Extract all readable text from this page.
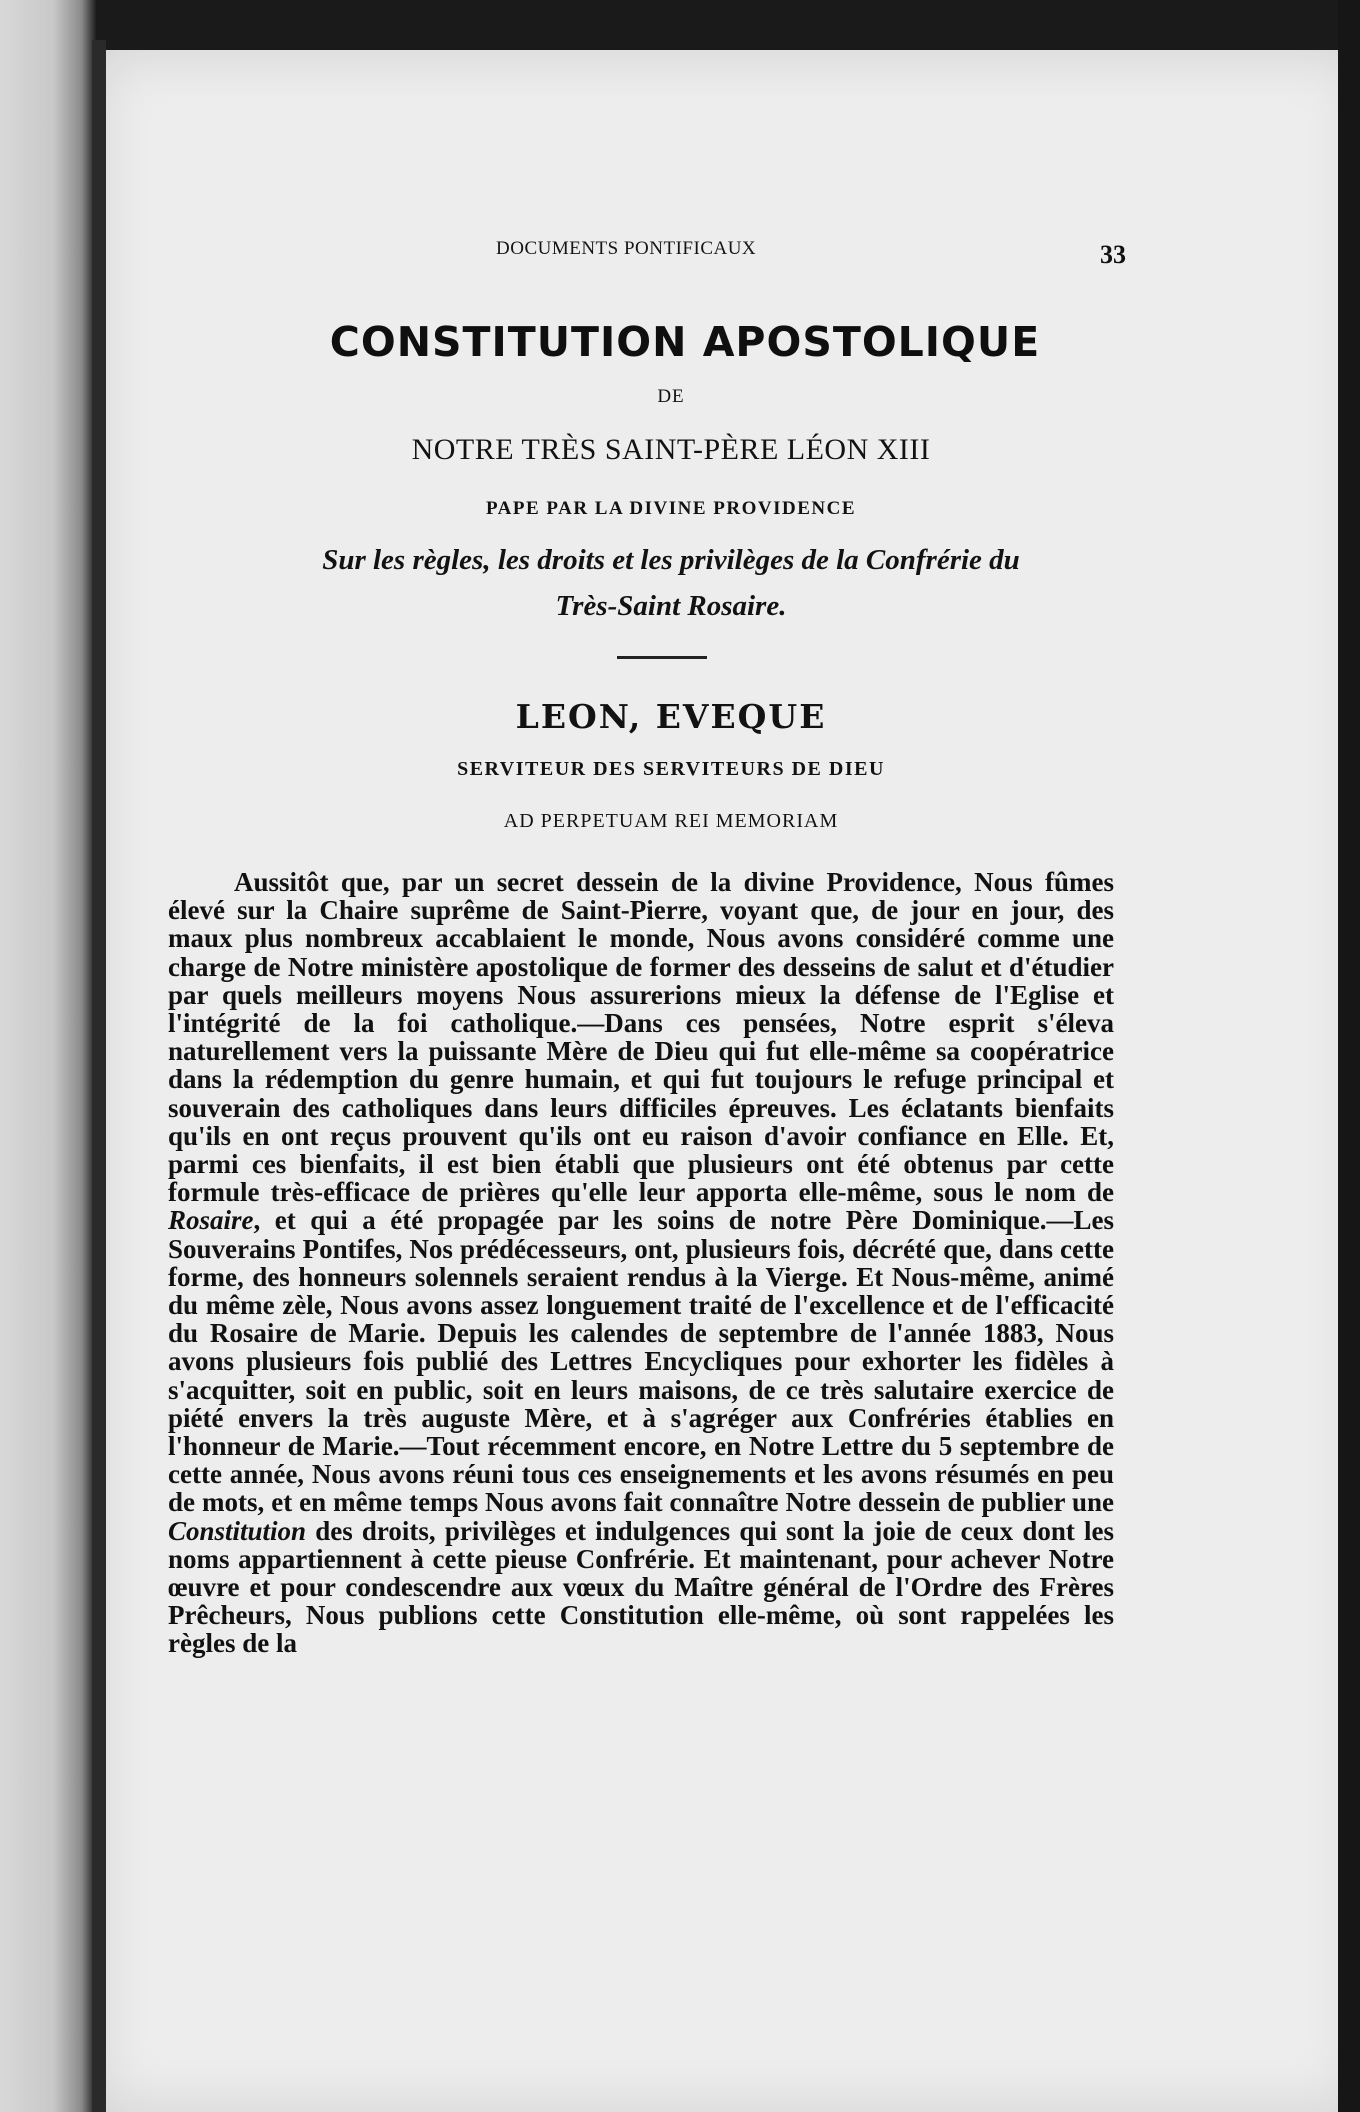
DOCUMENTS PONTIFICAUX	33
CONSTITUTION APOSTOLIQUE
DE
NOTRE TRÈS SAINT-PÈRE LÉON XIII
PAPE PAR LA DIVINE PROVIDENCE
Sur les règles, les droits et les privilèges de la Confrérie du
Très-Saint Rosaire.
LEON, EVEQUE
SERVITEUR DES SERVITEURS DE DIEU
AD PERPETUAM REI MEMORIAM
Aussitôt que, par un secret dessein de la divine Providence, Nous fûmes élevé sur la Chaire suprême de Saint-Pierre, voyant que, de jour en jour, des maux plus nombreux accablaient le monde, Nous avons considéré comme une charge de Notre ministère apostolique de former des desseins de salut et d'étudier par quels meilleurs moyens Nous assurerions mieux la défense de l'Eglise et l'intégrité de la foi catholique.—Dans ces pensées, Notre esprit s'éleva naturellement vers la puissante Mère de Dieu qui fut elle-même sa coopératrice dans la rédemption du genre humain, et qui fut toujours le refuge principal et souverain des catholiques dans leurs difficiles épreuves. Les éclatants bienfaits qu'ils en ont reçus prouvent qu'ils ont eu raison d'avoir confiance en Elle. Et, parmi ces bienfaits, il est bien établi que plusieurs ont été obtenus par cette formule très-efficace de prières qu'elle leur apporta elle-même, sous le nom de Rosaire, et qui a été propagée par les soins de notre Père Dominique.—Les Souverains Pontifes, Nos prédécesseurs, ont, plusieurs fois, décrété que, dans cette forme, des honneurs solennels seraient rendus à la Vierge. Et Nous-même, animé du même zèle, Nous avons assez longuement traité de l'excellence et de l'efficacité du Rosaire de Marie. Depuis les calendes de septembre de l'année 1883, Nous avons plusieurs fois publié des Lettres Encycliques pour exhorter les fidèles à s'acquitter, soit en public, soit en leurs maisons, de ce très salutaire exercice de piété envers la très auguste Mère, et à s'agréger aux Confréries établies en l'honneur de Marie.—Tout récemment encore, en Notre Lettre du 5 septembre de cette année, Nous avons réuni tous ces enseignements et les avons résumés en peu de mots, et en même temps Nous avons fait connaître Notre dessein de publier une Constitution des droits, privilèges et indulgences qui sont la joie de ceux dont les noms appartiennent à cette pieuse Confrérie. Et maintenant, pour achever Notre œuvre et pour condescendre aux vœux du Maître général de l'Ordre des Frères Prêcheurs, Nous publions cette Constitution elle-même, où sont rappelées les règles de la
